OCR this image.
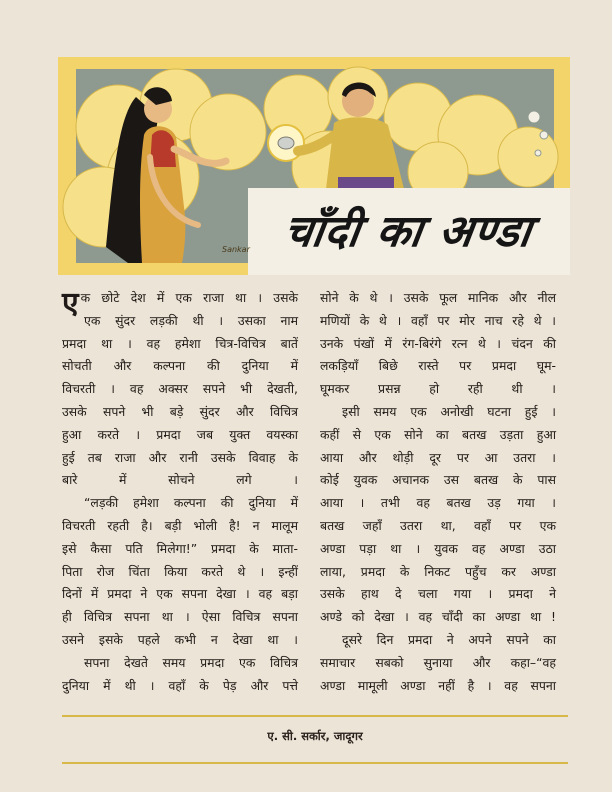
चाँदी का अण्डा
Sankar

ए क छोटे देश में एक राजा था । उसके
एक सुंदर लड़की थी । उसका नाम
प्रमदा था । वह हमेशा चित्र-विचित्र बातें
सोचती और कल्पना की दुनिया में
विचरती । वह अक्सर सपने भी देखती,
उसके सपने भी बड़े सुंदर और विचित्र
हुआ करते । प्रमदा जब युक्त वयस्का
हुई तब राजा और रानी उसके विवाह के
बारे में सोचने लगे ।

“लड़की हमेशा कल्पना की दुनिया में
विचरती रहती है। बड़ी भोली है! न मालूम
इसे कैसा पति मिलेगा!” प्रमदा के माता-
पिता रोज चिंता किया करते थे । इन्हीं
दिनों में प्रमदा ने एक सपना देखा । वह बड़ा
ही विचित्र सपना था । ऐसा विचित्र सपना
उसने इसके पहले कभी न देखा था ।

सपना देखते समय प्रमदा एक विचित्र
दुनिया में थी । वहाँ के पेड़ और पत्ते

सोने के थे । उसके फूल मानिक और नील
मणियों के थे । वहाँ पर मोर नाच रहे थे ।
उनके पंखों में रंग-बिरंगे रत्न थे । चंदन की
लकड़ियाँ बिछे रास्ते पर प्रमदा घूम-
घूमकर प्रसन्न हो रही थी ।

इसी समय एक अनोखी घटना हुई ।
कहीं से एक सोने का बतख उड़ता हुआ
आया और थोड़ी दूर पर आ उतरा ।
कोई युवक अचानक उस बतख के पास
आया । तभी वह बतख उड़ गया ।
बतख जहाँ उतरा था, वहाँ पर एक
अण्डा पड़ा था । युवक वह अण्डा उठा
लाया, प्रमदा के निकट पहुँच कर अण्डा
उसके हाथ दे चला गया । प्रमदा ने
अण्डे को देखा । वह चाँदी का अण्डा था !

दूसरे दिन प्रमदा ने अपने सपने का
समाचार सबको सुनाया और कहा–“वह
अण्डा मामूली अण्डा नहीं है । वह सपना

ए. सी. सर्कार, जादूगर
